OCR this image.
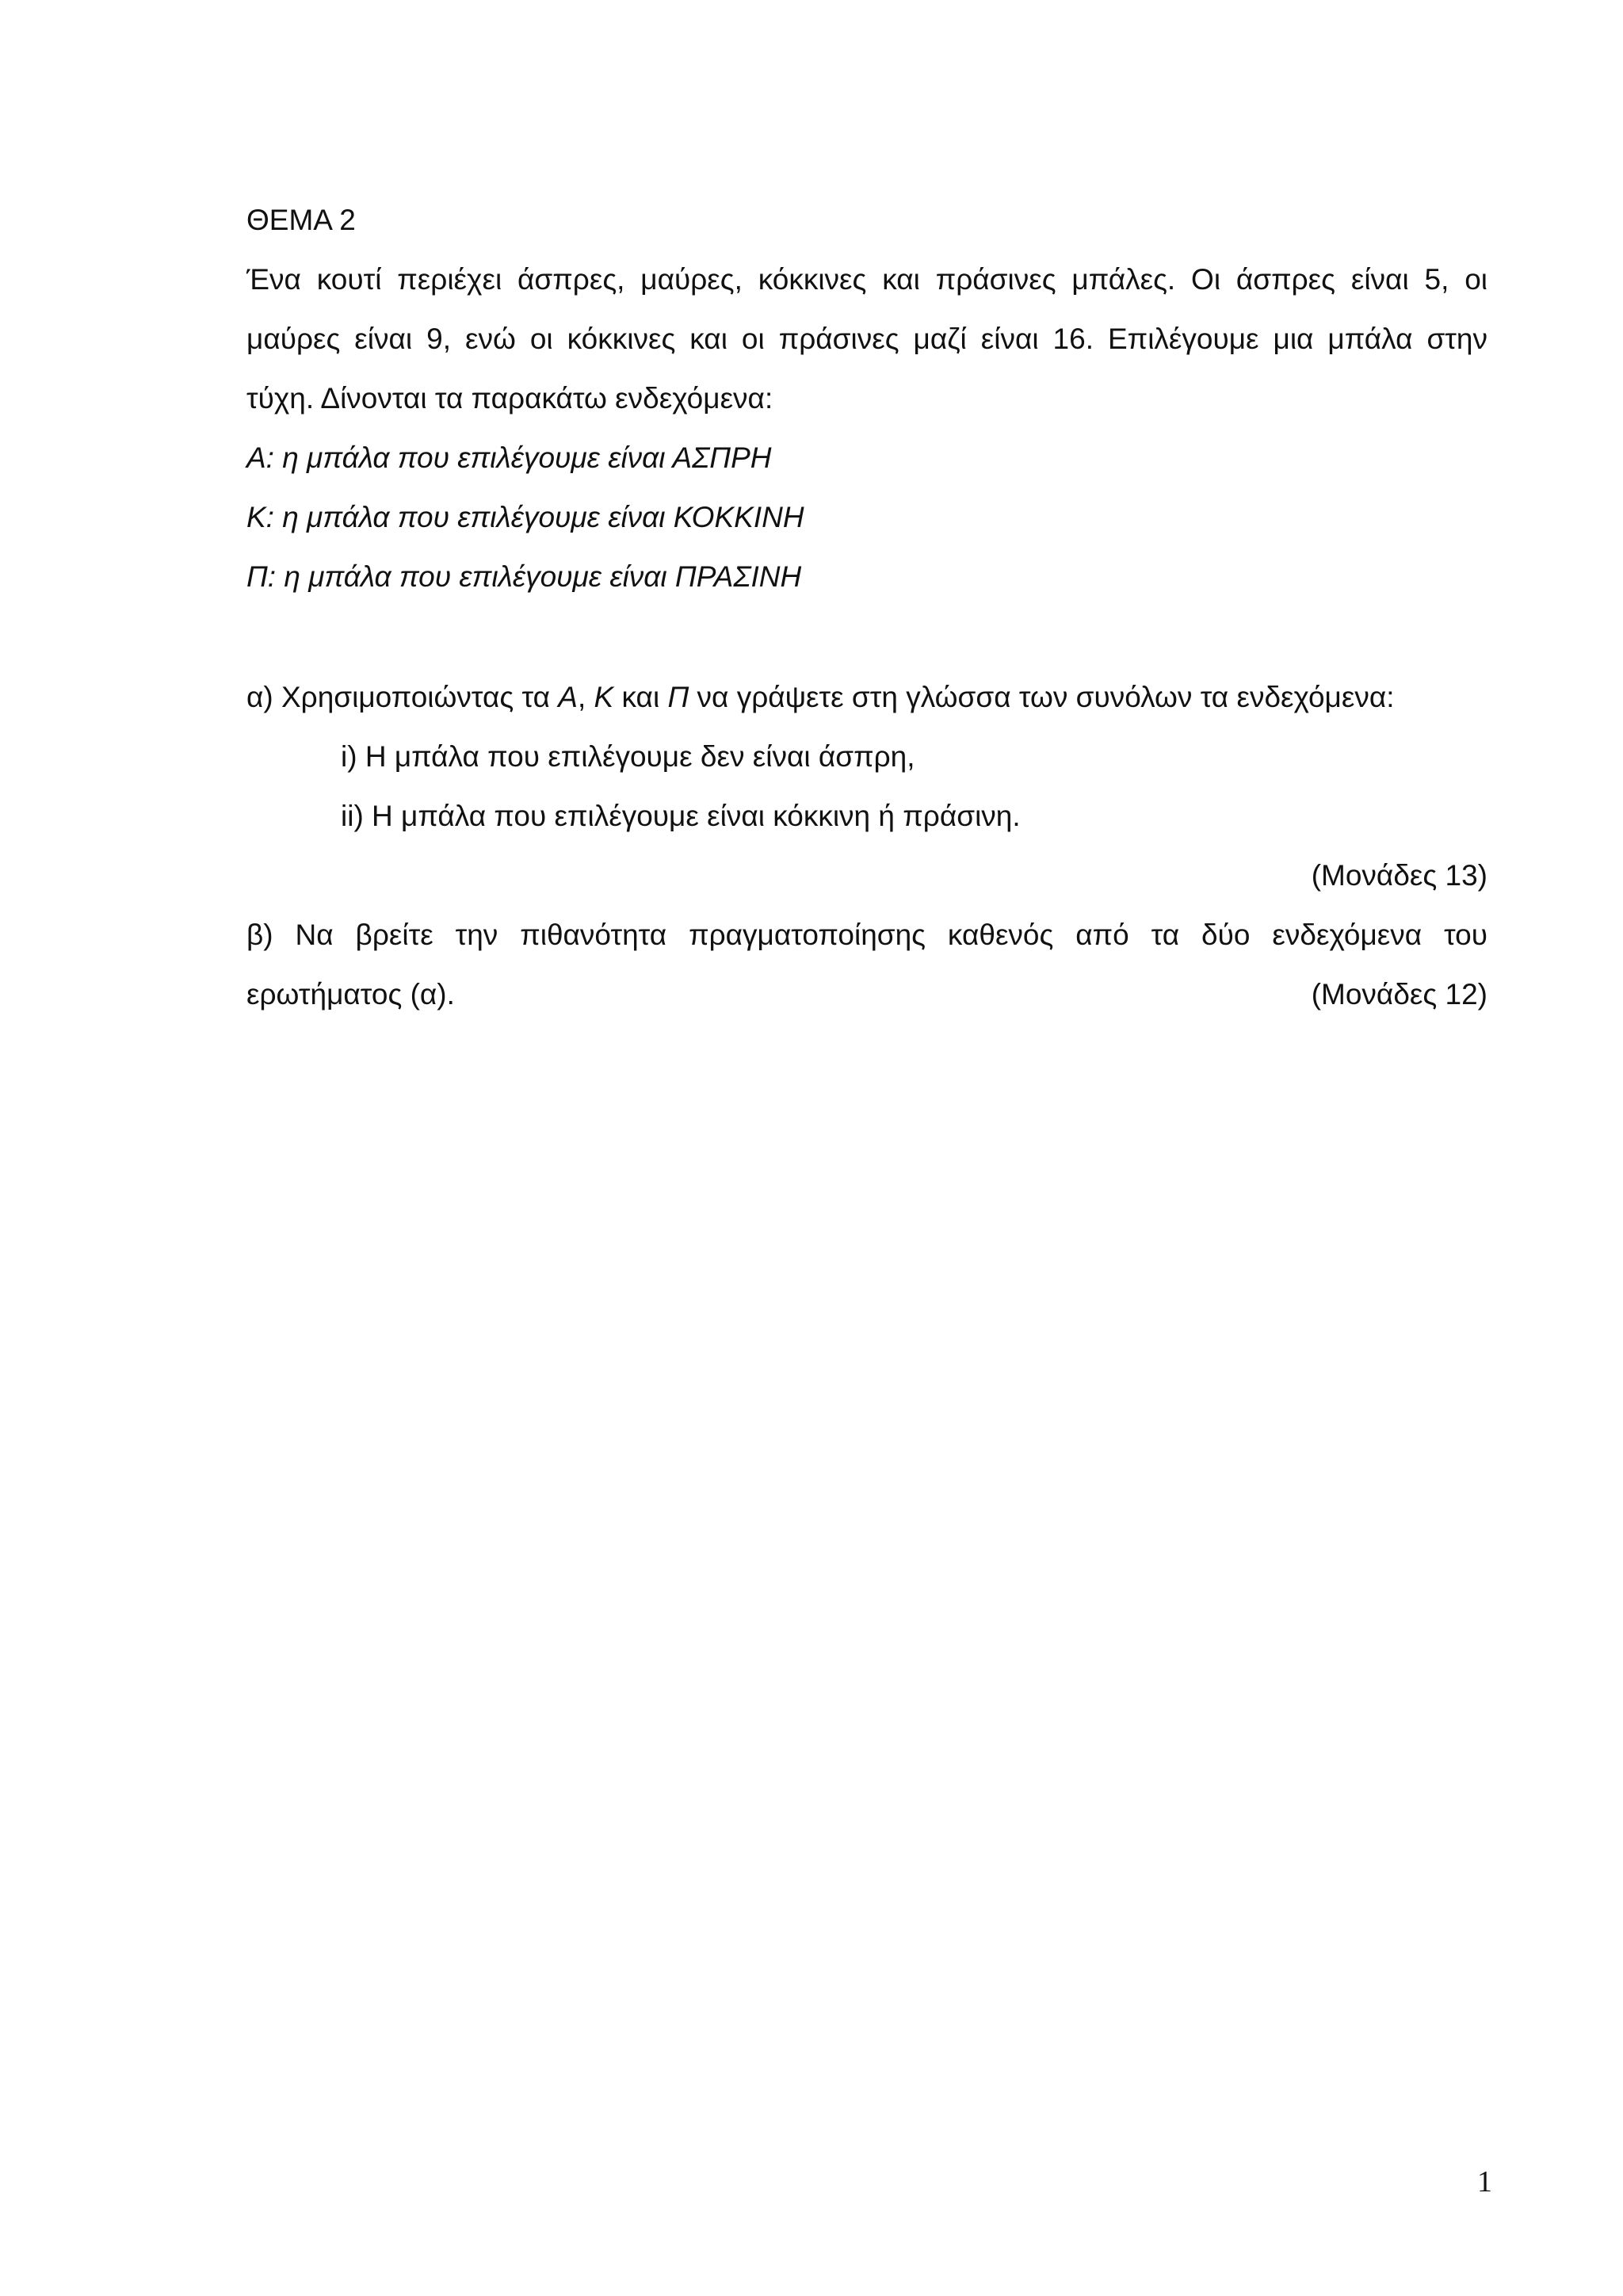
ΘΕΜΑ 2
Ένα κουτί περιέχει άσπρες, μαύρες, κόκκινες και πράσινες μπάλες. Οι άσπρες είναι 5, οι
μαύρες είναι 9, ενώ οι κόκκινες και οι πράσινες μαζί είναι 16. Επιλέγουμε μια μπάλα στην
τύχη. Δίνονται τα παρακάτω ενδεχόμενα:
Α: η μπάλα που επιλέγουμε είναι ΑΣΠΡΗ
Κ: η μπάλα που επιλέγουμε είναι ΚΟΚΚΙΝΗ
Π: η μπάλα που επιλέγουμε είναι ΠΡΑΣΙΝΗ
α) Χρησιμοποιώντας τα Α, Κ και Π να γράψετε στη γλώσσα των συνόλων τα ενδεχόμενα:
i) Η μπάλα που επιλέγουμε δεν είναι άσπρη,
ii) Η μπάλα που επιλέγουμε είναι κόκκινη ή πράσινη.
(Μονάδες 13)
β) Να βρείτε την πιθανότητα πραγματοποίησης καθενός από τα δύο ενδεχόμενα του
ερωτήματος (α).	(Μονάδες 12)
1
